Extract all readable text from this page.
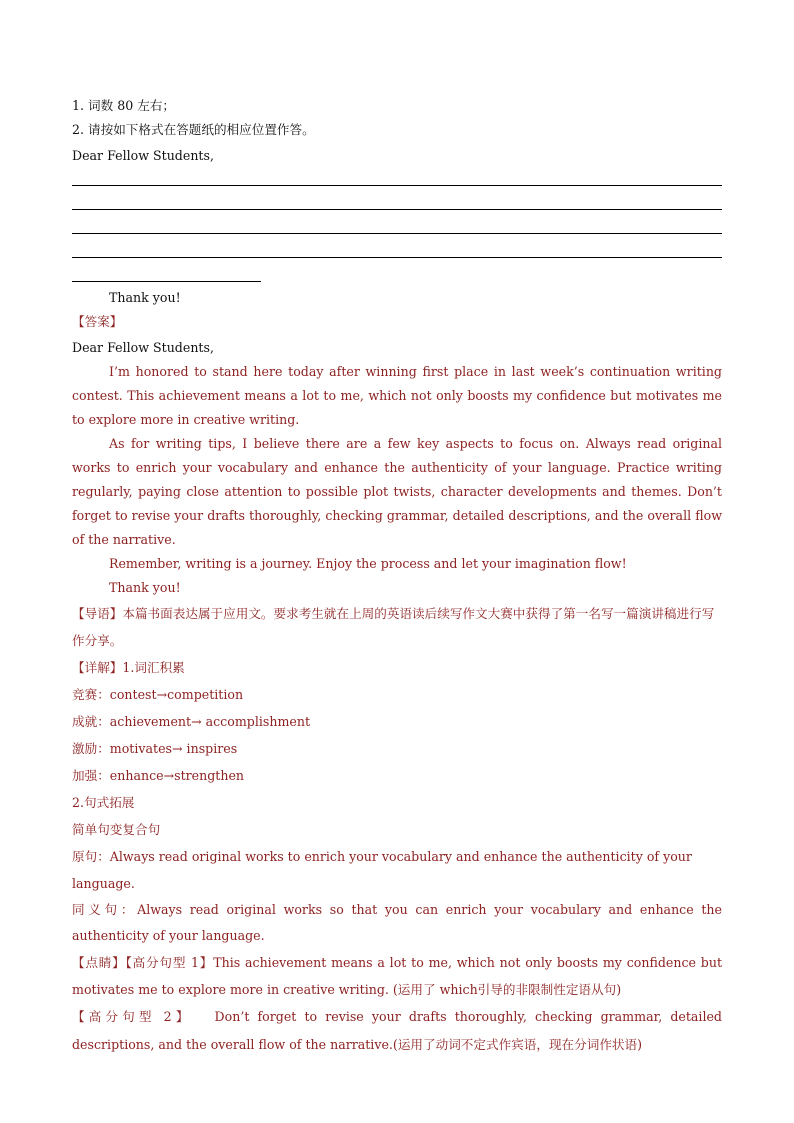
1. 词数 80 左右；

2. 请按如下格式在答题纸的相应位置作答。

Dear Fellow Students,

Thank you!

【答案】

Dear Fellow Students,

I’m honored to stand here today after winning first place in last week’s continuation writing contest. This achievement means a lot to me, which not only boosts my confidence but motivates me to explore more in creative writing.

As for writing tips, I believe there are a few key aspects to focus on. Always read original works to enrich your vocabulary and enhance the authenticity of your language. Practice writing regularly, paying close attention to possible plot twists, character developments and themes. Don’t forget to revise your drafts thoroughly, checking grammar, detailed descriptions, and the overall flow of the narrative.

Remember, writing is a journey. Enjoy the process and let your imagination flow!

Thank you!

【导语】本篇书面表达属于应用文。要求考生就在上周的英语读后续写作文大赛中获得了第一名写一篇演讲稿进行写作分享。

【详解】1.词汇积累

竞赛：contest→competition

成就：achievement→ accomplishment

激励：motivates→ inspires

加强：enhance→strengthen

2.句式拓展

简单句变复合句

原句：Always read original works to enrich your vocabulary and enhance the authenticity of your language.

同义句：Always read original works so that you can enrich your vocabulary and enhance the authenticity of your language.

【点睛】【高分句型 1】This achievement means a lot to me, which not only boosts my confidence but motivates me to explore more in creative writing. (运用了 which引导的非限制性定语从句)

【高分句型 2】 Don’t forget to revise your drafts thoroughly, checking grammar, detailed descriptions, and the overall flow of the narrative.(运用了动词不定式作宾语，现在分词作状语)
